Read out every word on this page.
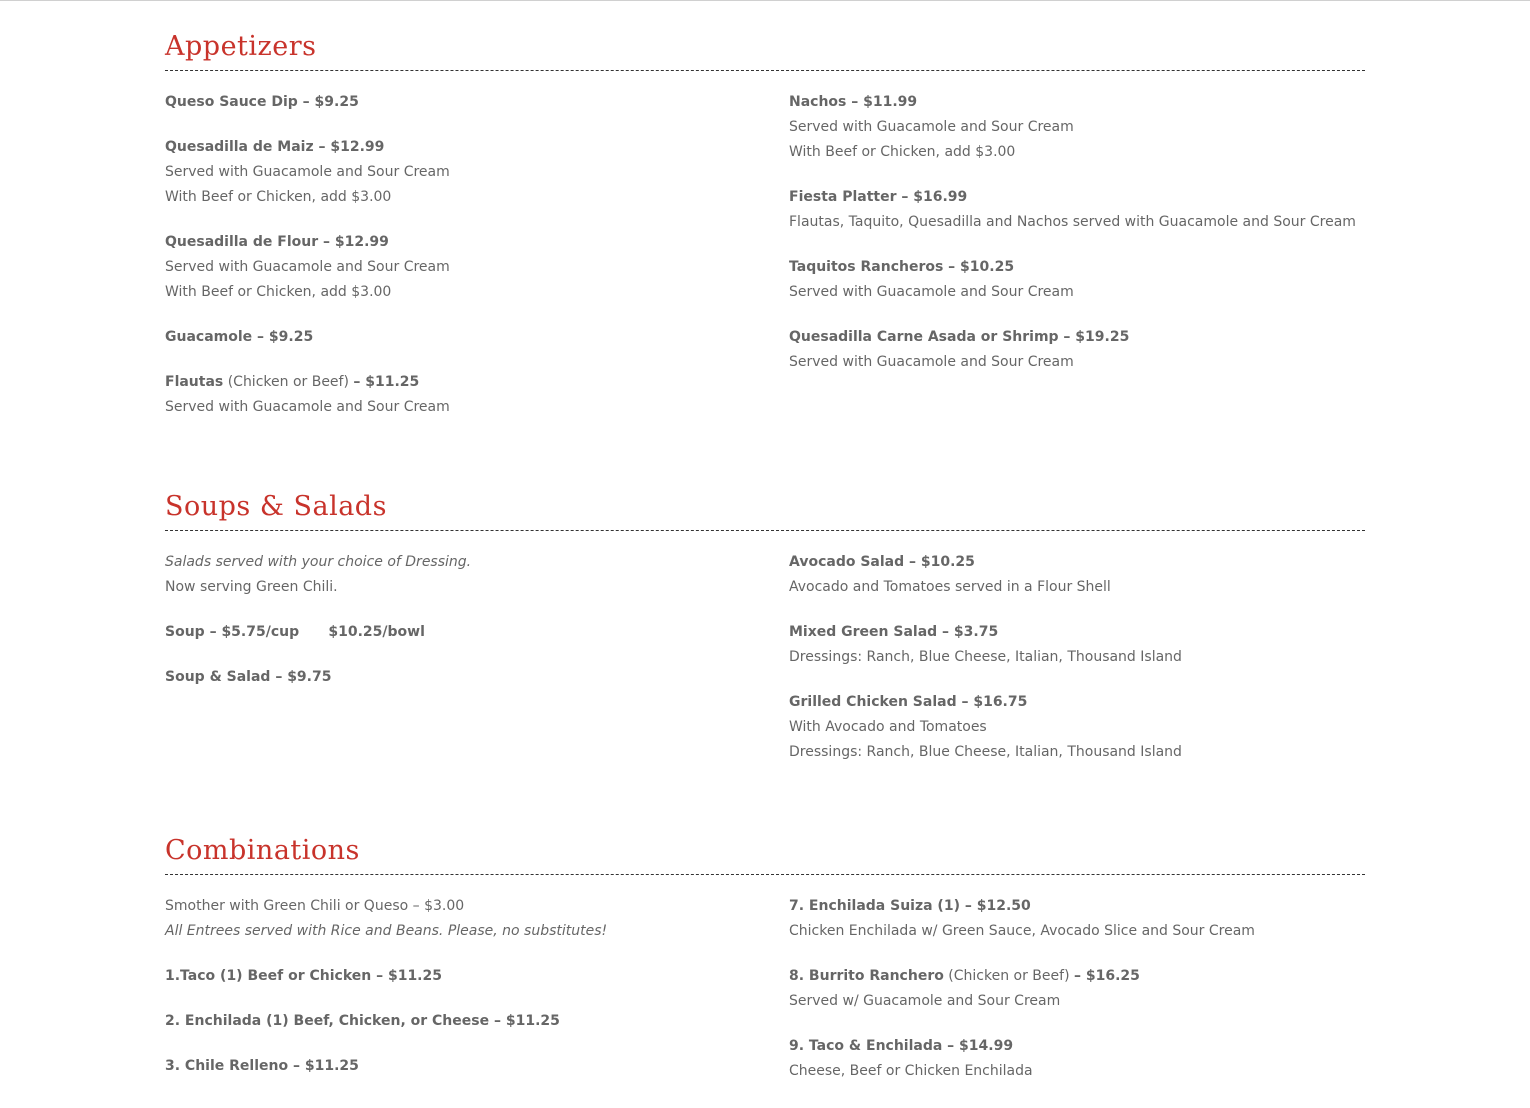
Appetizers

Queso Sauce Dip – $9.25

Quesadilla de Maiz – $12.99

Served with Guacamole and Sour Cream

With Beef or Chicken, add $3.00

Quesadilla de Flour – $12.99

Served with Guacamole and Sour Cream

With Beef or Chicken, add $3.00

Guacamole – $9.25

Flautas (Chicken or Beef) – $11.25

Served with Guacamole and Sour Cream

Nachos – $11.99

Served with Guacamole and Sour Cream

With Beef or Chicken, add $3.00

Fiesta Platter – $16.99

Flautas, Taquito, Quesadilla and Nachos served with Guacamole and Sour Cream

Taquitos Rancheros – $10.25

Served with Guacamole and Sour Cream

Quesadilla Carne Asada or Shrimp – $19.25

Served with Guacamole and Sour Cream

Soups & Salads

Salads served with your choice of Dressing.

Now serving Green Chili.

Soup – $5.75/cup      $10.25/bowl

Soup & Salad – $9.75

Avocado Salad – $10.25

Avocado and Tomatoes served in a Flour Shell

Mixed Green Salad – $3.75

Dressings: Ranch, Blue Cheese, Italian, Thousand Island

Grilled Chicken Salad – $16.75

With Avocado and Tomatoes

Dressings: Ranch, Blue Cheese, Italian, Thousand Island

Combinations

Smother with Green Chili or Queso – $3.00

All Entrees served with Rice and Beans. Please, no substitutes!

1.Taco (1) Beef or Chicken – $11.25

2. Enchilada (1) Beef, Chicken, or Cheese – $11.25

3. Chile Relleno – $11.25

7. Enchilada Suiza (1) – $12.50

Chicken Enchilada w/ Green Sauce, Avocado Slice and Sour Cream

8. Burrito Ranchero (Chicken or Beef) – $16.25

Served w/ Guacamole and Sour Cream

9. Taco & Enchilada – $14.99

Cheese, Beef or Chicken Enchilada
